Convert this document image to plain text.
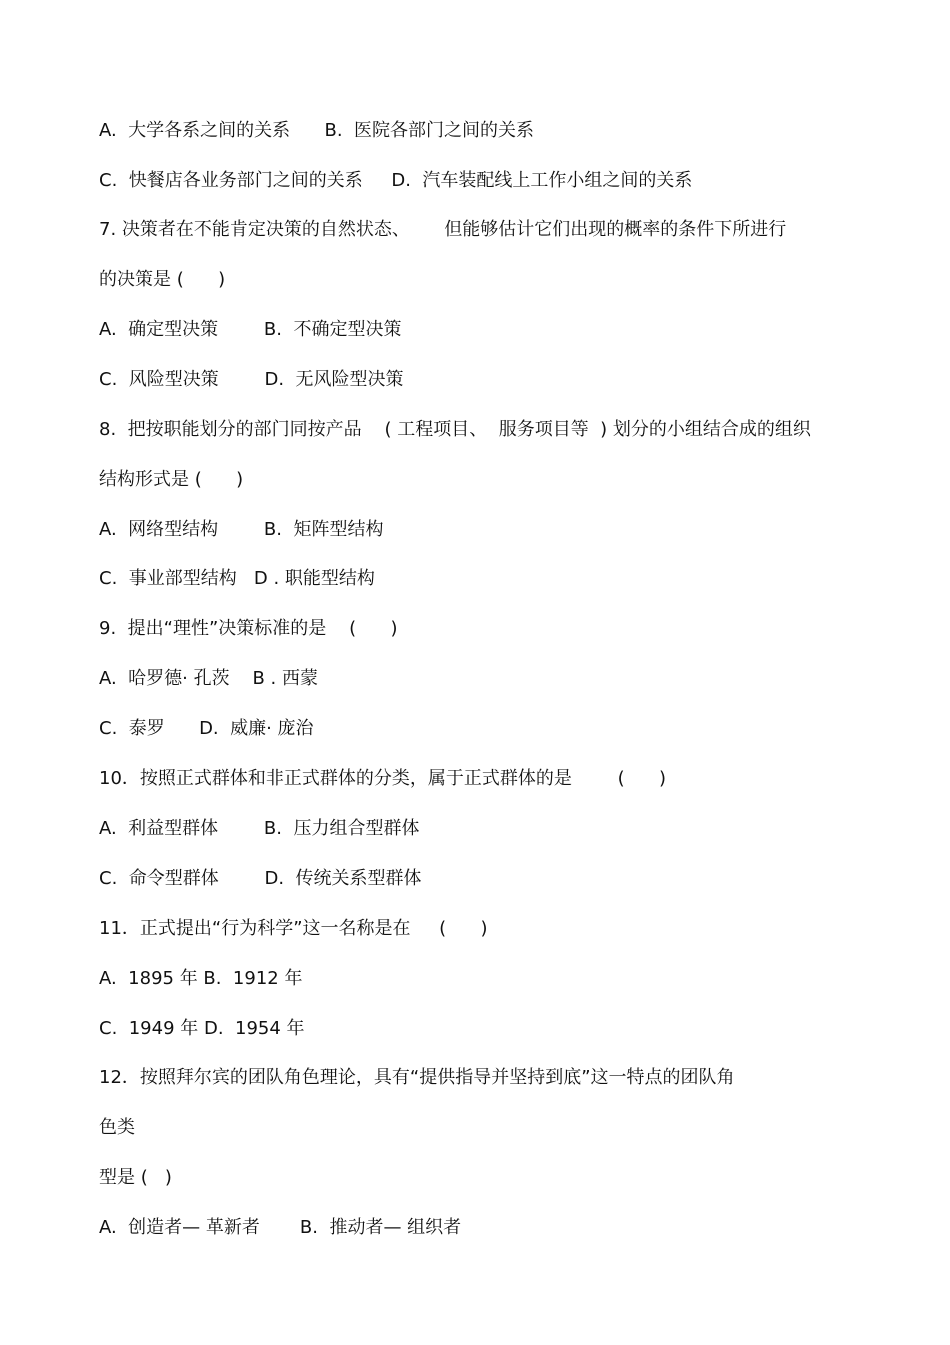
A.  大学各系之间的关系      B.  医院各部门之间的关系

C.  快餐店各业务部门之间的关系     D.  汽车装配线上工作小组之间的关系

7. 决策者在不能肯定决策的自然状态、      但能够估计它们出现的概率的条件下所进行

的决策是 (      )

A.  确定型决策        B.  不确定型决策

C.  风险型决策        D.  无风险型决策

8.  把按职能划分的部门同按产品    ( 工程项目、  服务项目等  ) 划分的小组结合成的组织

结构形式是 (      )

A.  网络型结构        B.  矩阵型结构

C.  事业部型结构   D . 职能型结构

9.  提出“理性”决策标准的是    (      )

A.  哈罗德· 孔茨    B . 西蒙

C.  泰罗      D.  威廉· 庞治

10．按照正式群体和非正式群体的分类，属于正式群体的是        (      )

A.  利益型群体        B.  压力组合型群体

C.  命令型群体        D.  传统关系型群体

11．正式提出“行为科学”这一名称是在     (      )

A.  1895 年 B.  1912 年

C.  1949 年 D.  1954 年

12．按照拜尔宾的团队角色理论，具有“提供指导并坚持到底”这一特点的团队角

色类

型是 (   )

A.  创造者— 革新者       B.  推动者— 组织者
